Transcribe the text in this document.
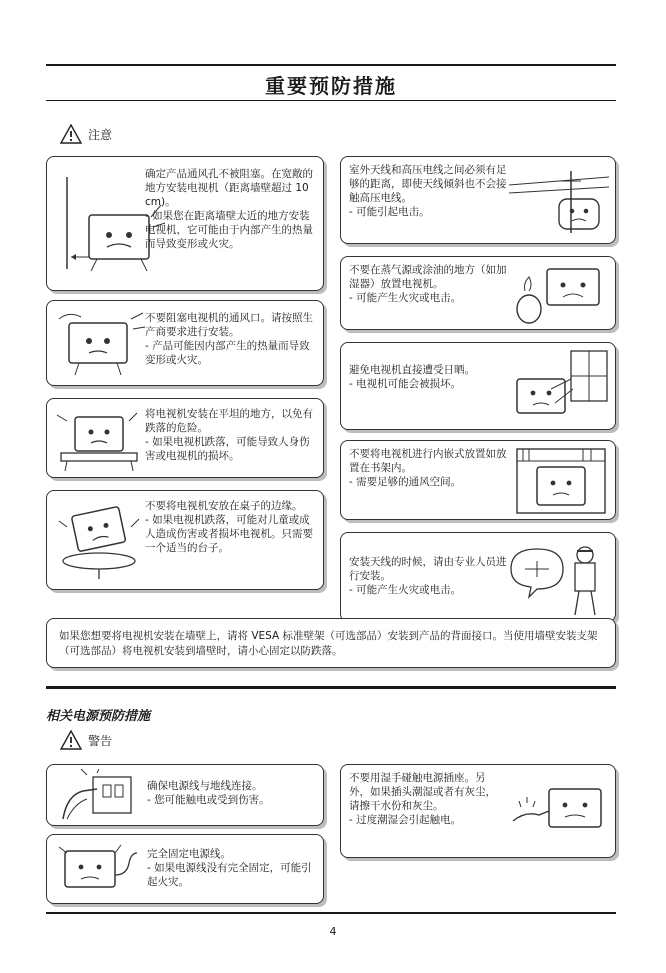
重要预防措施
注意
确定产品通风孔不被阻塞。在宽敞的地方安装电视机（距离墙壁超过 10 cm)。
- 如果您在距离墙壁太近的地方安装电视机，它可能由于内部产生的热量而导致变形或火灾。
不要阻塞电视机的通风口。请按照生产商要求进行安装。
- 产品可能因内部产生的热量而导致变形或火灾。
将电视机安装在平坦的地方，以免有跌落的危险。
- 如果电视机跌落，可能导致人身伤害或电视机的损坏。
不要将电视机安放在桌子的边缘。
- 如果电视机跌落，可能对儿童或成人造成伤害或者损坏电视机。只需要一个适当的台子。
室外天线和高压电线之间必须有足够的距离，即使天线倾斜也不会接触高压电线。
- 可能引起电击。
不要在蒸气源或涂油的地方（如加湿器）放置电视机。
- 可能产生火灾或电击。
避免电视机直接遭受日晒。
- 电视机可能会被损坏。
不要将电视机进行内嵌式放置如放置在书架内。
- 需要足够的通风空间。
安装天线的时候，请由专业人员进行安装。
- 可能产生火灾或电击。
如果您想要将电视机安装在墙壁上，请将 VESA 标准壁架（可选部品）安装到产品的背面接口。当使用墙壁安装支架（可选部品）将电视机安装到墙壁时，请小心固定以防跌落。
相关电源预防措施
警告
确保电源线与地线连接。
- 您可能触电或受到伤害。
完全固定电源线。
- 如果电源线没有完全固定，可能引起火灾。
不要用湿手碰触电源插座。另外，如果插头潮湿或者有灰尘，请擦干水份和灰尘。
- 过度潮湿会引起触电。
4
